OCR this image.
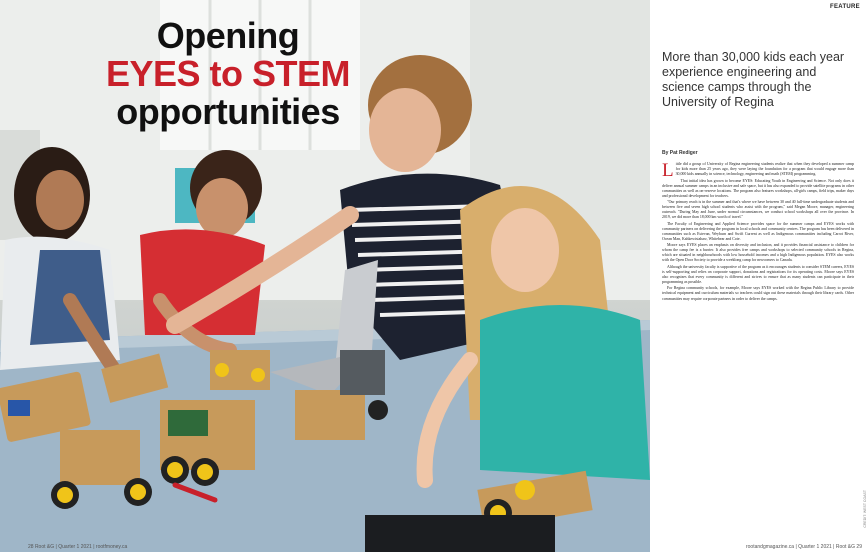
Opening
EYES to STEM
opportunities
28 Root &G | Quarter 1 2021 | rootfmoney.ca
FEATURE
More than 30,000 kids each year experience engineering and science camps through the University of Regina
By Pat Rediger

Little did a group of University of Regina engineering students realize that when they developed a summer camp for kids more than 25 years ago, they were laying the foundation for a program that would engage more than 30,000 kids annually in science, technology, engineering and math (STEM) programming.

That initial idea has grown to become EYES: Educating Youth in Engineering and Science. Not only does it deliver annual summer camps in an inclusive and safe space, but it has also expanded to provide satellite programs in other communities as well as on-reserve locations. The program also features workshops, all-girls camps, field trips, maker days and professional development for teachers.

"Our primary reach is in the summer and that's where we have between 30 and 40 full-time undergraduate students and between five and seven high school students who assist with the program," said Megan Moore, manager, engineering outreach. "During May and June, under normal circumstances, we conduct school workshops all over the province. In 2019, we did more than 18,000 km worth of travel."

The Faculty of Engineering and Applied Science provides space for the summer camps and EYES works with community partners on delivering the program in local schools and community centres. The program has been delivered in communities such as Estevan, Weyburn and Swift Current as well as Indigenous communities including Carrot River, Ocean Man, Kahkewistahaw, Whitebear and Cote.

Moore says EYES places an emphasis on diversity and inclusion, and it provides financial assistance to children for whom the camp fee is a barrier. It also provides free camps and workshops to selected community schools in Regina, which are situated in neighbourhoods with low household incomes and a high Indigenous population. EYES also works with the Open Door Society to provide a weeklong camp for newcomers to Canada.

Although the university faculty is supportive of the program as it encourages students to consider STEM careers, EYES is self-supporting and relies on corporate support, donations and registrations for its operating costs. Moore says EYES also recognizes that every community is different and strives to ensure that as many students can participate in their programming as possible.

For Regina community schools, for example, Moore says EYES worked with the Regina Public Library to provide technical equipment and curriculum materials so teachers could sign out these materials through their library cards. Other communities may require corporate partners in order to deliver the camps.

CREDIT: WEST COAST
rootandgmagazine.ca | Quarter 1 2021 | Root &G 29
